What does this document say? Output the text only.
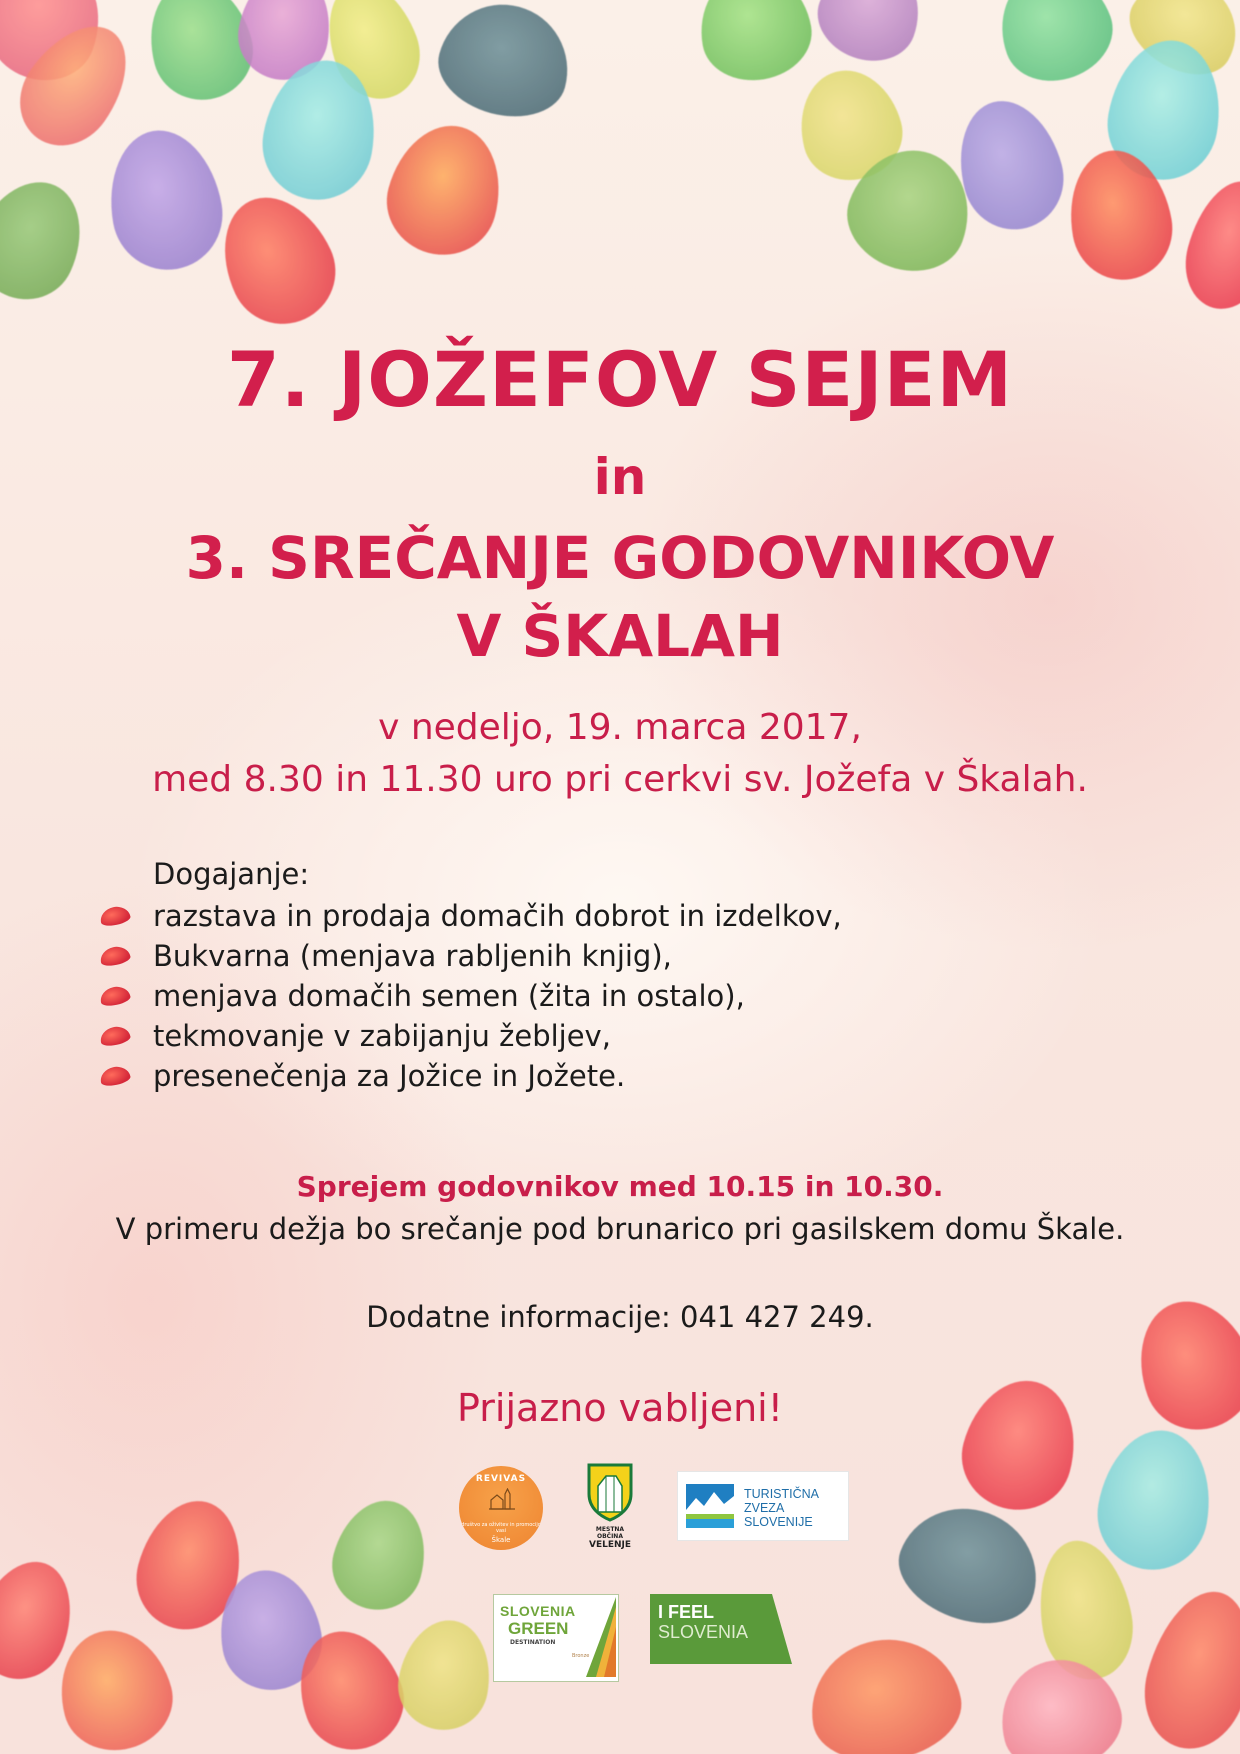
7. JOŽEFOV SEJEM
in
3. SREČANJE GODOVNIKOV
V ŠKALAH

v nedeljo, 19. marca 2017,

med 8.30 in 11.30 uro pri cerkvi sv. Jožefa v Škalah.

Dogajanje:
razstava in prodaja domačih dobrot in izdelkov,
Bukvarna (menjava rabljenih knjig),
menjava domačih semen (žita in ostalo),
tekmovanje v zabijanju žebljev,
presenečenja za Jožice in Jožete.

Sprejem godovnikov med 10.15 in 10.30.

V primeru dežja bo srečanje pod brunarico pri gasilskem domu Škale.

Dodatne informacije: 041 427 249.

Prijazno vabljeni!

REVIVAS
društvo za oživitev in promocijo vasi
Škale
MESTNA OBČINA
VELENJE
TURISTIČNA
ZVEZA
SLOVENIJE
SLOVENIA
GREEN
DESTINATION
Bronze
I FEEL
SLOVENIA
